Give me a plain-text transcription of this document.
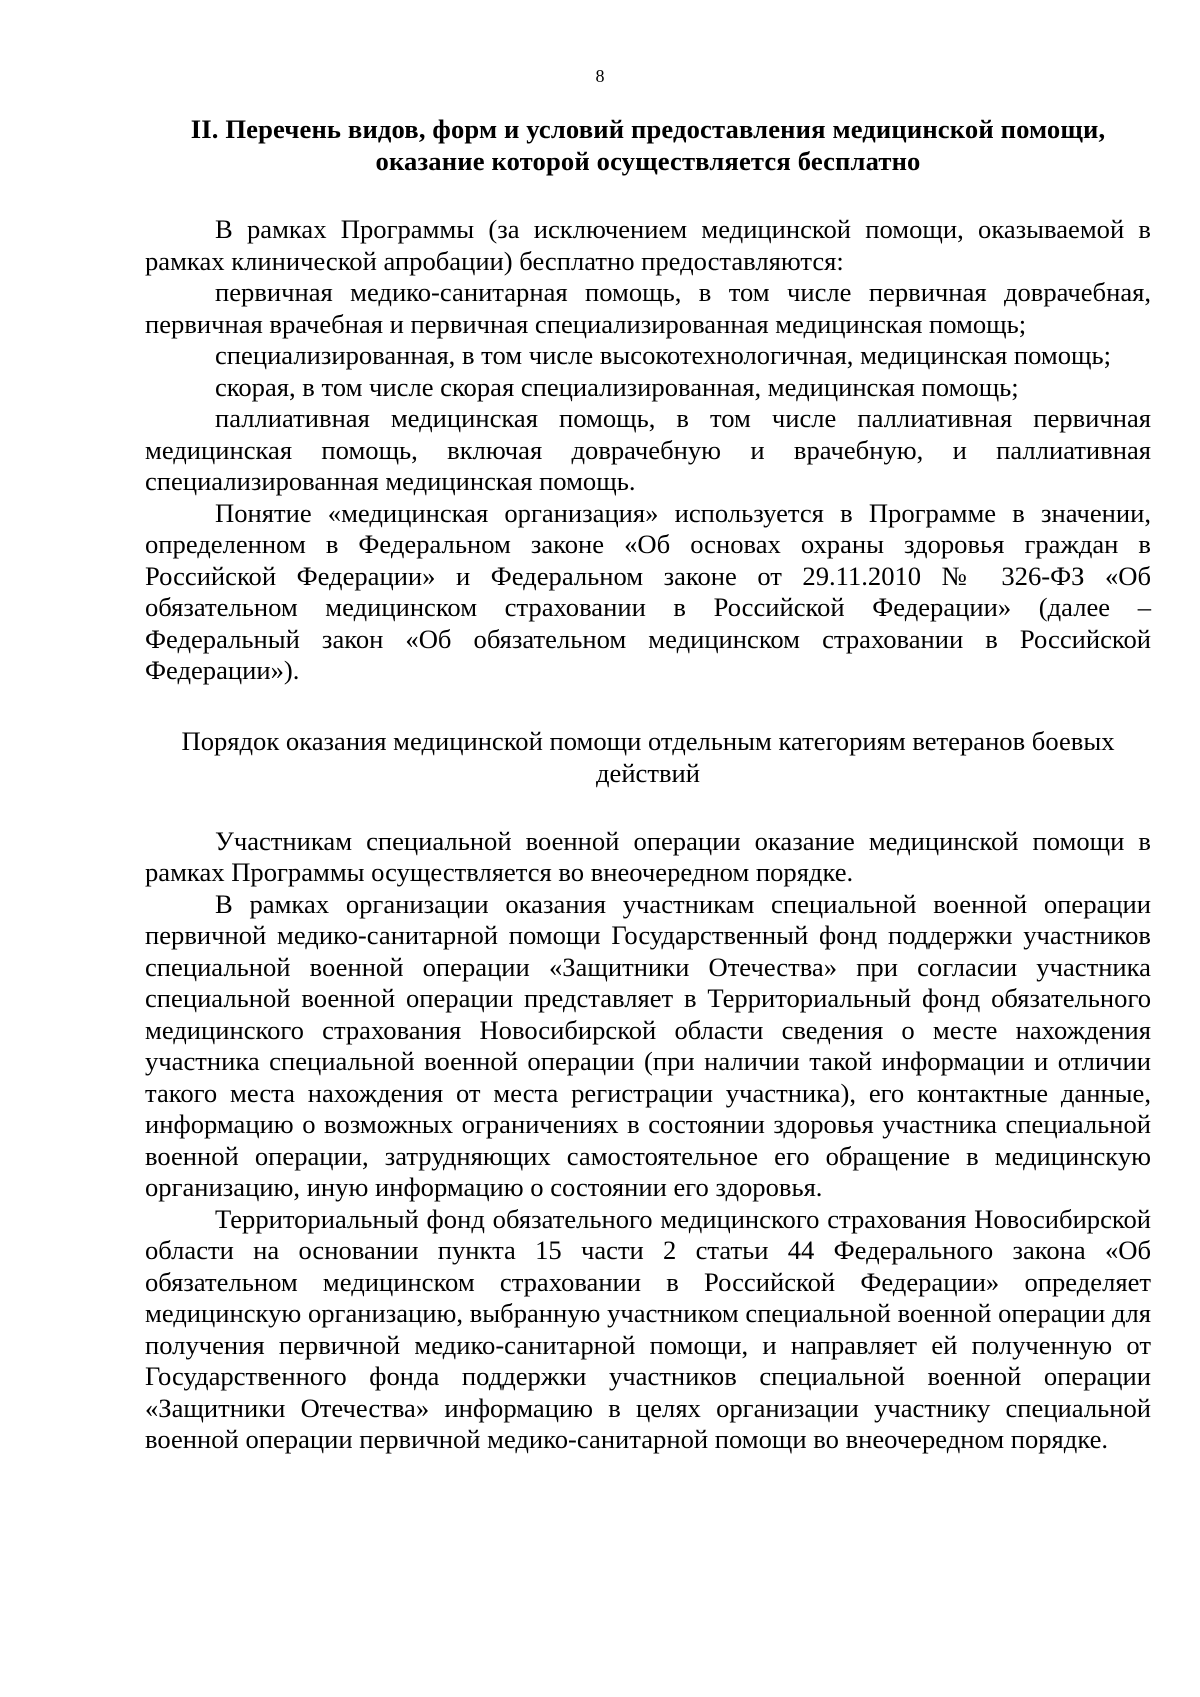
8

II. Перечень видов, форм и условий предоставления медицинской помощи,

оказание которой осуществляется бесплатно

В рамках Программы (за исключением медицинской помощи, оказываемой в рамках клинической апробации) бесплатно предоставляются:

первичная медико-санитарная помощь, в том числе первичная доврачебная, первичная врачебная и первичная специализированная медицинская помощь;

специализированная, в том числе высокотехнологичная, медицинская помощь;

скорая, в том числе скорая специализированная, медицинская помощь;

паллиативная медицинская помощь, в том числе паллиативная первичная медицинская помощь, включая доврачебную и врачебную, и паллиативная специализированная медицинская помощь.

Понятие «медицинская организация» используется в Программе в значении, определенном в Федеральном законе «Об основах охраны здоровья граждан в Российской Федерации» и Федеральном законе от 29.11.2010 № 326-ФЗ «Об обязательном медицинском страховании в Российской Федерации» (далее – Федеральный закон «Об обязательном медицинском страховании в Российской Федерации»).

Порядок оказания медицинской помощи отдельным категориям ветеранов боевых

действий

Участникам специальной военной операции оказание медицинской помощи в рамках Программы осуществляется во внеочередном порядке.

В рамках организации оказания участникам специальной военной операции первичной медико-санитарной помощи Государственный фонд поддержки участников специальной военной операции «Защитники Отечества» при согласии участника специальной военной операции представляет в Территориальный фонд обязательного медицинского страхования Новосибирской области сведения о месте нахождения участника специальной военной операции (при наличии такой информации и отличии такого места нахождения от места регистрации участника), его контактные данные, информацию о возможных ограничениях в состоянии здоровья участника специальной военной операции, затрудняющих самостоятельное его обращение в медицинскую организацию, иную информацию о состоянии его здоровья.

Территориальный фонд обязательного медицинского страхования Новосибирской области на основании пункта 15 части 2 статьи 44 Федерального закона «Об обязательном медицинском страховании в Российской Федерации» определяет медицинскую организацию, выбранную участником специальной военной операции для получения первичной медико-санитарной помощи, и направляет ей полученную от Государственного фонда поддержки участников специальной военной операции «Защитники Отечества» информацию в целях организации участнику специальной военной операции первичной медико-санитарной помощи во внеочередном порядке.
